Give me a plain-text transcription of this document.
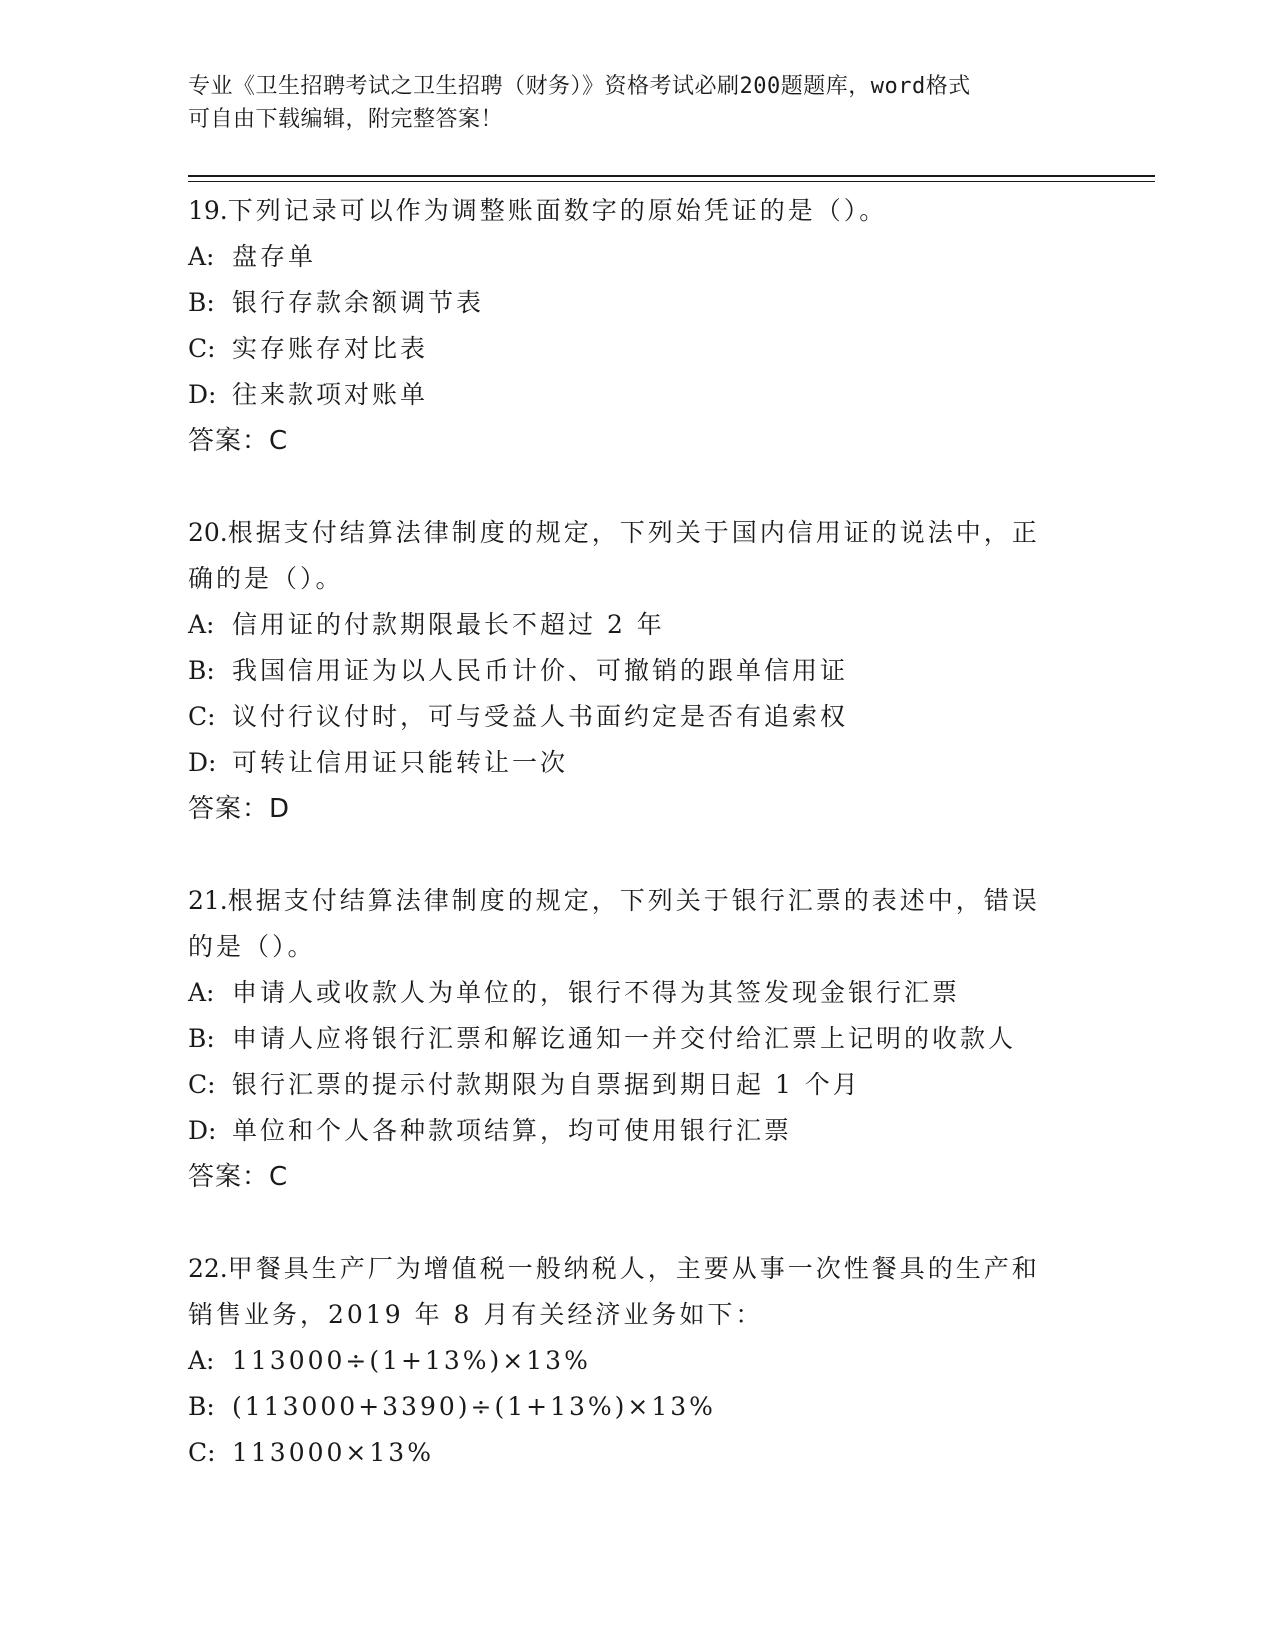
专业《卫生招聘考试之卫生招聘（财务）》资格考试必刷200题题库，word格式
可自由下载编辑，附完整答案！

19.下列记录可以作为调整账面数字的原始凭证的是（）。

A: 盘存单

B: 银行存款余额调节表

C: 实存账存对比表

D: 往来款项对账单

答案：C

20.根据支付结算法律制度的规定，下列关于国内信用证的说法中，正

确的是（）。

A: 信用证的付款期限最长不超过 2 年

B: 我国信用证为以人民币计价、可撤销的跟单信用证

C: 议付行议付时，可与受益人书面约定是否有追索权

D: 可转让信用证只能转让一次

答案：D

21.根据支付结算法律制度的规定，下列关于银行汇票的表述中，错误

的是（）。

A: 申请人或收款人为单位的，银行不得为其签发现金银行汇票

B: 申请人应将银行汇票和解讫通知一并交付给汇票上记明的收款人

C: 银行汇票的提示付款期限为自票据到期日起 1 个月

D: 单位和个人各种款项结算，均可使用银行汇票

答案：C

22.甲餐具生产厂为增值税一般纳税人，主要从事一次性餐具的生产和

销售业务，2019 年 8 月有关经济业务如下：

A: 113000÷(1+13%)×13%

B: (113000+3390)÷(1+13%)×13%

C: 113000×13%
